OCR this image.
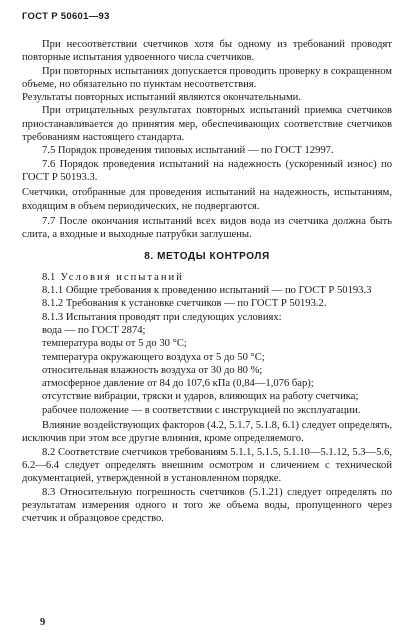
ГОСТ Р 50601—93

При несоответствии счетчиков хотя бы одному из требований проводят повторные испытания удвоенного числа счетчиков.

При повторных испытаниях допускается проводить проверку в сокращенном объеме, но обязательно по пунктам несоответствия.

Результаты повторных испытаний являются окончательными.

При отрицательных результатах повторных испытаний приемка счетчиков приостанавливается до принятия мер, обеспечивающих соответствие счетчиков требованиям настоящего стандарта.

7.5 Порядок проведения типовых испытаний — по ГОСТ 12997.

7.6 Порядок проведения испытаний на надежность (ускоренный износ) по ГОСТ Р 50193.3.

Счетчики, отобранные для проведения испытаний на надежность, испытаниям, входящим в объем периодических, не подвергаются.

7.7 После окончания испытаний всех видов вода из счетчика должна быть слита, а входные и выходные патрубки заглушены.

8. МЕТОДЫ КОНТРОЛЯ

8.1 Условия испытаний

8.1.1 Общие требования к проведению испытаний — по ГОСТ Р 50193.3

8.1.2 Требования к установке счетчиков — по ГОСТ Р 50193.2.

8.1.3 Испытания проводят при следующих условиях:

вода — по ГОСТ 2874;

температура воды от 5 до 30 °С;

температура окружающего воздуха от 5 до 50 °С;

относительная влажность воздуха от 30 до 80 %;

атмосферное давление от 84 до 107,6 кПа (0,84—1,076 бар);

отсутствие вибрации, тряски и ударов, влияющих на работу счетчика;

рабочее положение — в соответствии с инструкцией по эксплуатации.

Влияние воздействующих факторов (4.2, 5.1.7, 5.1.8, 6.1) следует определять, исключив при этом все другие влияния, кроме определяемого.

8.2 Соответствие счетчиков требованиям 5.1.1, 5.1.5, 5.1.10—5.1.12, 5.3—5.6, 6.2—6.4 следует определять внешним осмотром и сличением с технической документацией, утвержденной в установленном порядке.

8.3 Относительную погрешность счетчиков (5.1.21) следует определять по результатам измерения одного и того же объема воды, пропущенного через счетчик и образцовое средство.

9
